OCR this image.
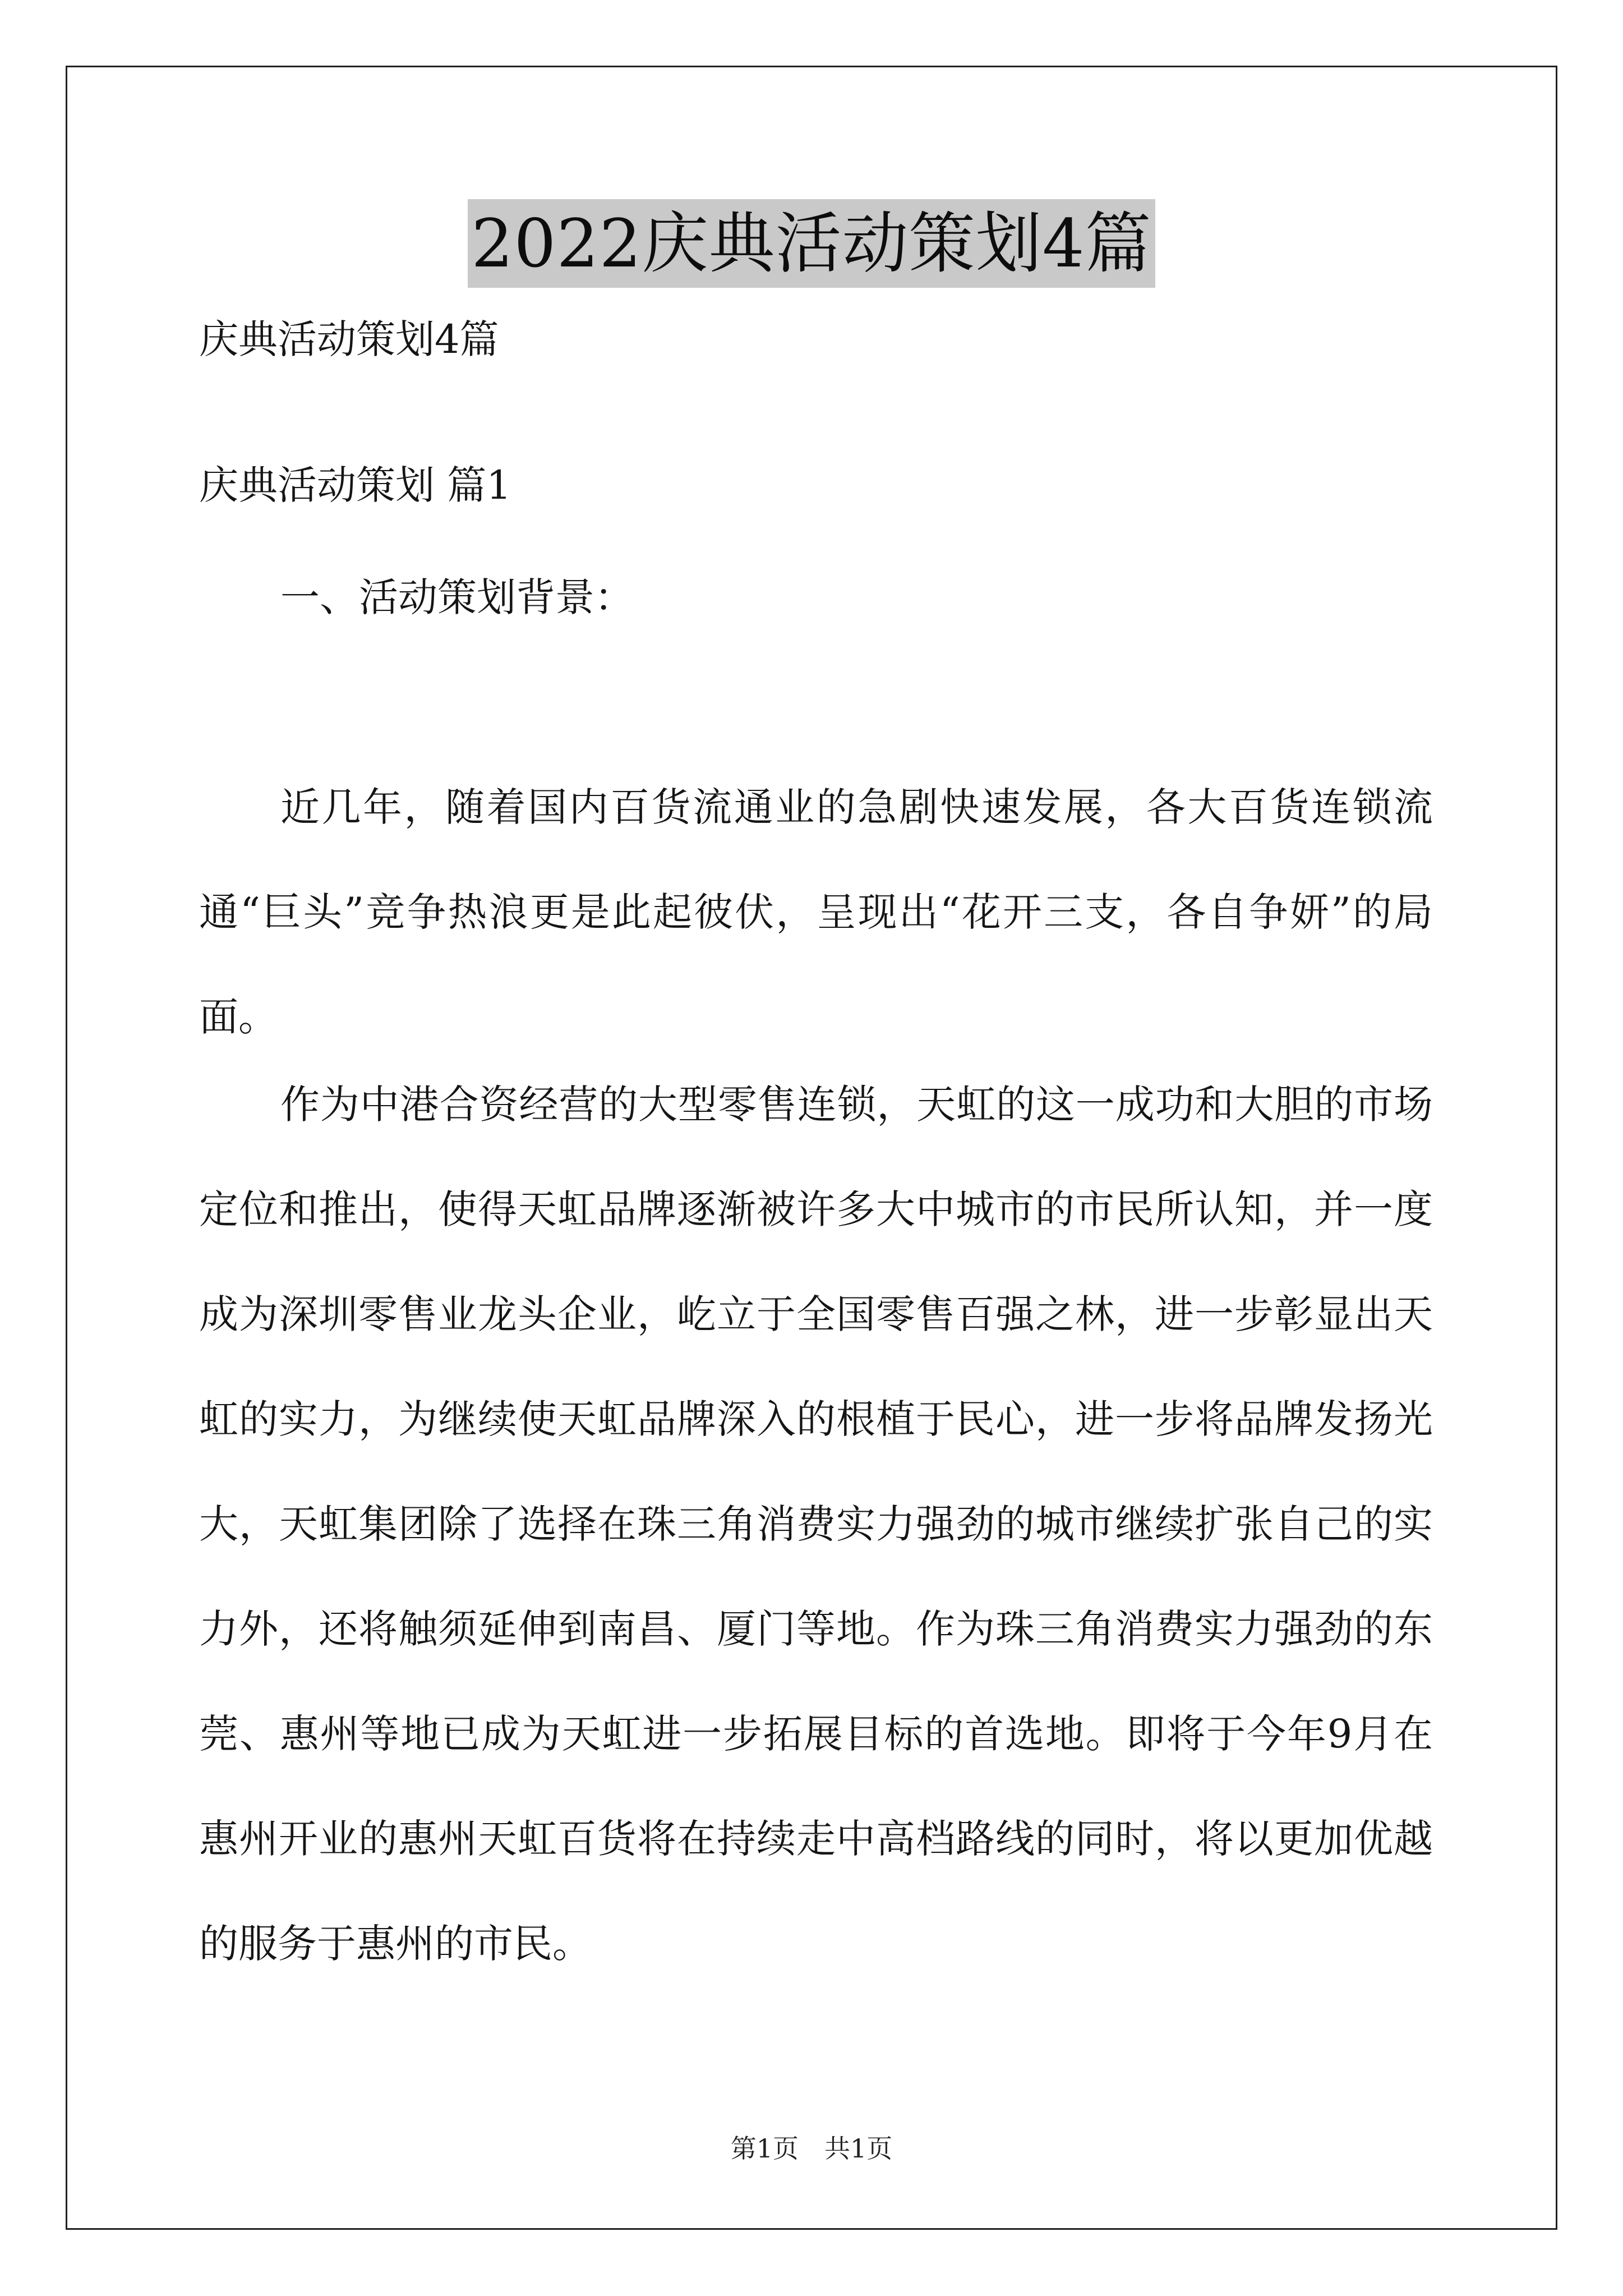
2022庆典活动策划4篇
庆典活动策划4篇
庆典活动策划 篇1
一、活动策划背景：

近几年，随着国内百货流通业的急剧快速发展，各大百货连锁流通“巨头”竞争热浪更是此起彼伏，呈现出“花开三支，各自争妍”的局面。

作为中港合资经营的大型零售连锁，天虹的这一成功和大胆的市场定位和推出，使得天虹品牌逐渐被许多大中城市的市民所认知，并一度成为深圳零售业龙头企业，屹立于全国零售百强之林，进一步彰显出天虹的实力，为继续使天虹品牌深入的根植于民心，进一步将品牌发扬光大，天虹集团除了选择在珠三角消费实力强劲的城市继续扩张自己的实力外，还将触须延伸到南昌、厦门等地。作为珠三角消费实力强劲的东莞、惠州等地已成为天虹进一步拓展目标的首选地。即将于今年9月在惠州开业的惠州天虹百货将在持续走中高档路线的同时，将以更加优越的服务于惠州的市民。

第1页　共1页
